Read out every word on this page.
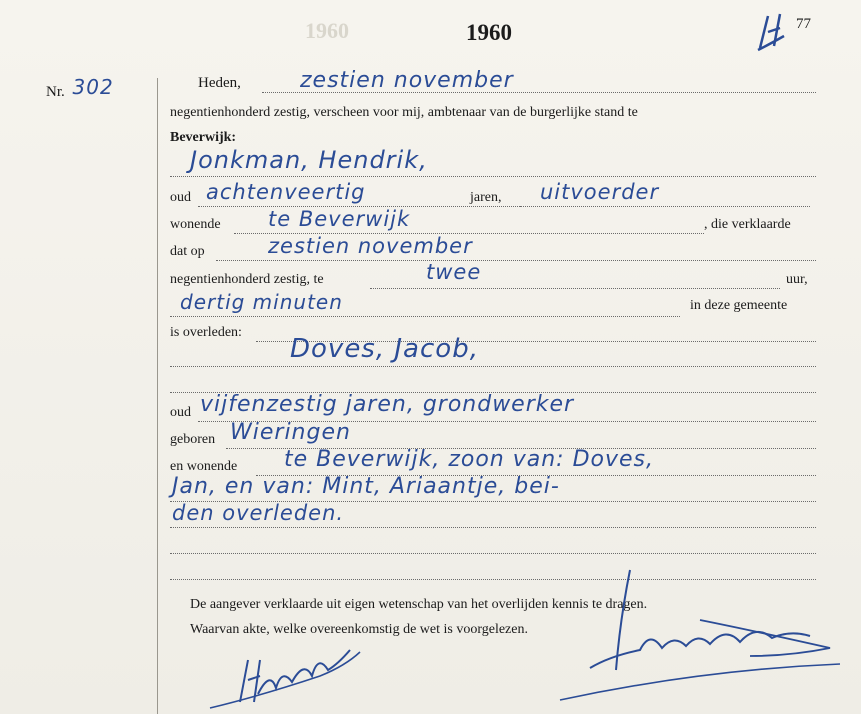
1960	1960	77
Nr. 302	Heden,	zestien november
negentienhonderd zestig, verscheen voor mij, ambtenaar van de burgerlijke stand te
Beverwijk:
Jonkman, Hendrik,
oud achtenveertig	jaren, uitvoerder
wonende te Beverwijk	, die verklaarde
dat op	zestien november
negentienhonderd zestig, te	twee	uur,
dertig minuten	in deze gemeente
is overleden:
Doves, Jacob,
oud vijfenzestig jaren, grondwerker
geboren Wieringen
en wonende te Beverwijk, zoon van: Doves,
Jan, en van: Mint, Ariaantje, bei-
den overleden.
De aangever verklaarde uit eigen wetenschap van het overlijden kennis te dragen.
Waarvan akte, welke overeenkomstig de wet is voorgelezen.
